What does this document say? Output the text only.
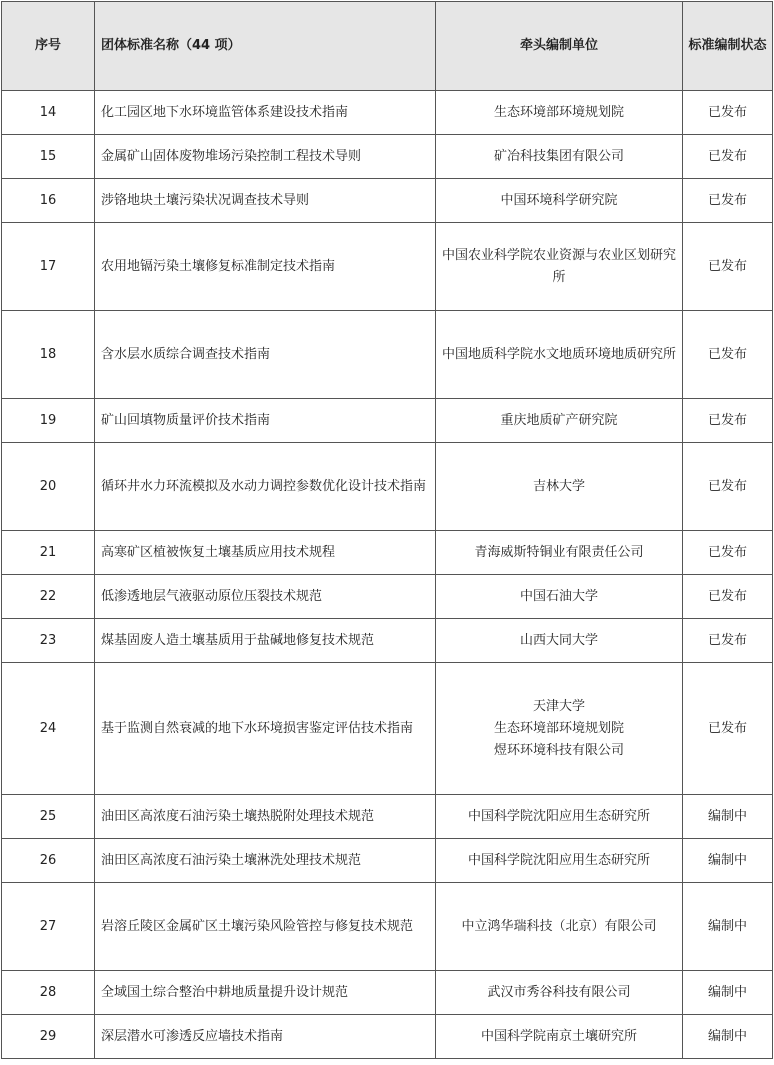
序号	团体标准名称（44 项）	牵头编制单位	标准编制状态
14	化工园区地下水环境监管体系建设技术指南	生态环境部环境规划院	已发布
15	金属矿山固体废物堆场污染控制工程技术导则	矿冶科技集团有限公司	已发布
16	涉铬地块土壤污染状况调查技术导则	中国环境科学研究院	已发布
17	农用地镉污染土壤修复标准制定技术指南	中国农业科学院农业资源与农业区划研究所	已发布
18	含水层水质综合调查技术指南	中国地质科学院水文地质环境地质研究所	已发布
19	矿山回填物质量评价技术指南	重庆地质矿产研究院	已发布
20	循环井水力环流模拟及水动力调控参数优化设计技术指南	吉林大学	已发布
21	高寒矿区植被恢复土壤基质应用技术规程	青海威斯特铜业有限责任公司	已发布
22	低渗透地层气液驱动原位压裂技术规范	中国石油大学	已发布
23	煤基固废人造土壤基质用于盐碱地修复技术规范	山西大同大学	已发布
24	基于监测自然衰减的地下水环境损害鉴定评估技术指南	天津大学
生态环境部环境规划院
煜环环境科技有限公司	已发布
25	油田区高浓度石油污染土壤热脱附处理技术规范	中国科学院沈阳应用生态研究所	编制中
26	油田区高浓度石油污染土壤淋洗处理技术规范	中国科学院沈阳应用生态研究所	编制中
27	岩溶丘陵区金属矿区土壤污染风险管控与修复技术规范	中立鸿华瑞科技（北京）有限公司	编制中
28	全域国土综合整治中耕地质量提升设计规范	武汉市秀谷科技有限公司	编制中
29	深层潜水可渗透反应墙技术指南	中国科学院南京土壤研究所	编制中
